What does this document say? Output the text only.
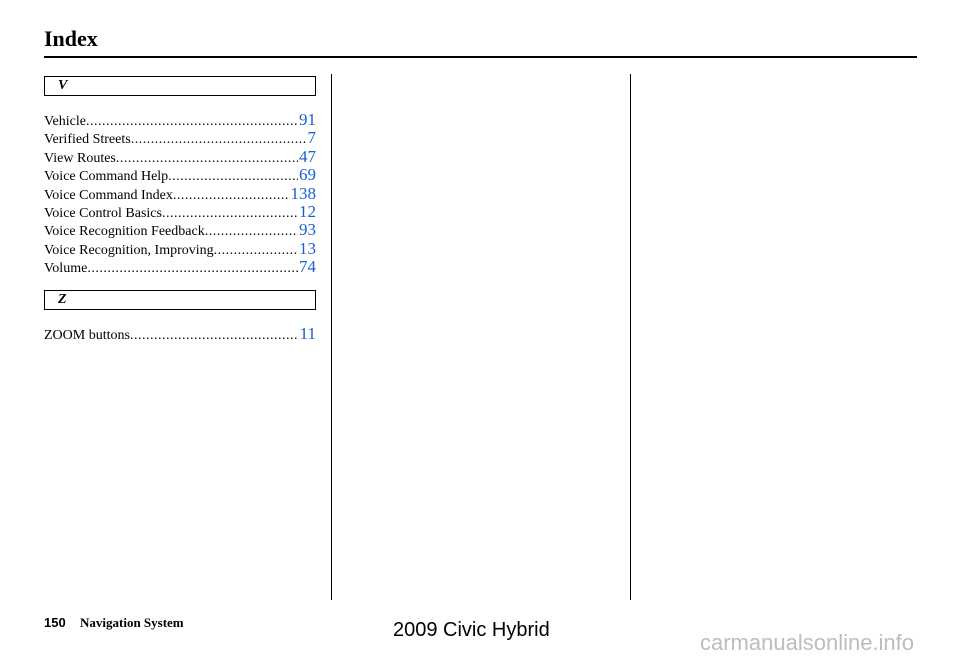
Index
V
Vehicle .....	91
Verified Streets .....	7
View Routes .....	47
Voice Command Help .....	69
Voice Command Index .....	138
Voice Control Basics .....	12
Voice Recognition Feedback .....	93
Voice Recognition, Improving .....	13
Volume .....	74
Z
ZOOM buttons .....	11
150 Navigation System	2009 Civic Hybrid	carmanualsonline.info
